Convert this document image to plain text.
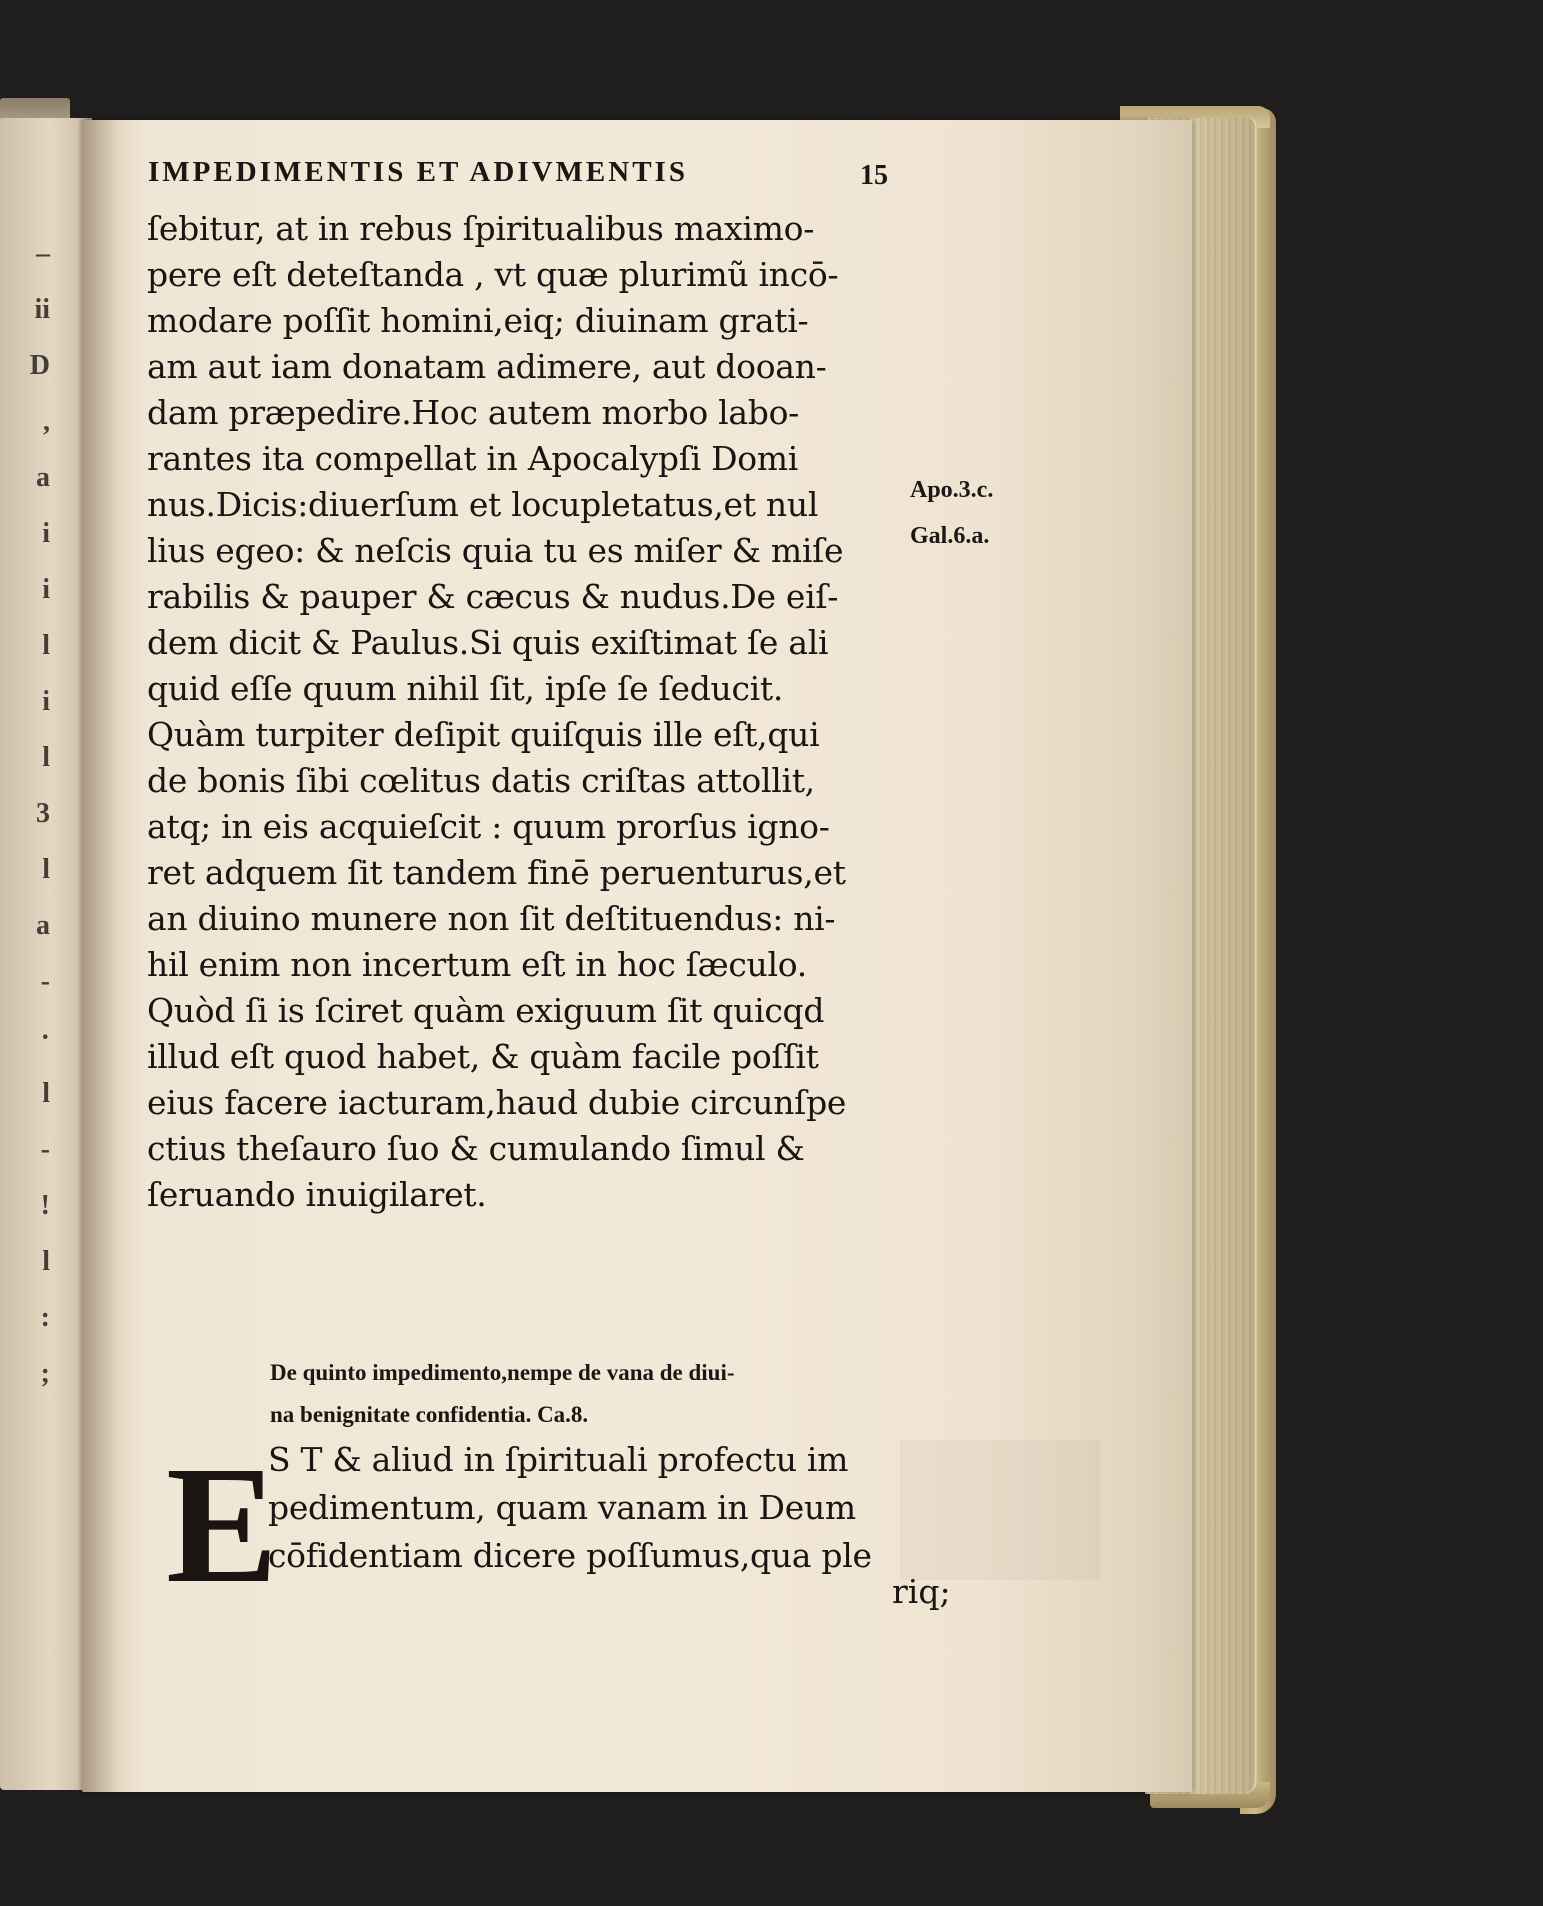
–
ii
D
,
a
i
i
l
i
l
3
l
a
-
·
l
-
!
l
:
;
IMPEDIMENTIS ET ADIVMENTIS	15
ſebitur, at in rebus ſpiritualibus maximo-
pere eſt deteſtanda , vt quæ plurimũ incō-
modare poſſit homini,eiq; diuinam grati-
am aut iam donatam adimere, aut dooan-
dam præpedire.Hoc autem morbo labo-
rantes ita compellat in Apocalypſi Domi
nus.Dicis:diuerſum et locupletatus,et nul
lius egeo: & neſcis quia tu es miſer & miſe
rabilis & pauper & cæcus & nudus.De eiſ-
dem dicit & Paulus.Si quis exiſtimat ſe ali
quid eſſe quum nihil ſit, ipſe ſe ſeducit.
Quàm turpiter deſipit quiſquis ille eſt,qui
de bonis ſibi cœlitus datis criſtas attollit,
atq; in eis acquieſcit : quum prorſus igno-
ret adquem ſit tandem finē peruenturus,et
an diuino munere non ſit deſtituendus: ni-
hil enim non incertum eſt in hoc ſæculo.
Quòd ſi is ſciret quàm exiguum ſit quicqd
illud eſt quod habet, & quàm facile poſſit
eius facere iacturam,haud dubie circunſpe
ctius theſauro ſuo & cumulando ſimul &
ſeruando inuigilaret.
Apo.3.c.
Gal.6.a.
De quinto impedimento,nempe de vana de diui-
na benignitate confidentia. Ca.8.
E
S T & aliud in ſpirituali profectu im
pedimentum, quam vanam in Deum
cōfidentiam dicere poſſumus,qua ple
riq;
